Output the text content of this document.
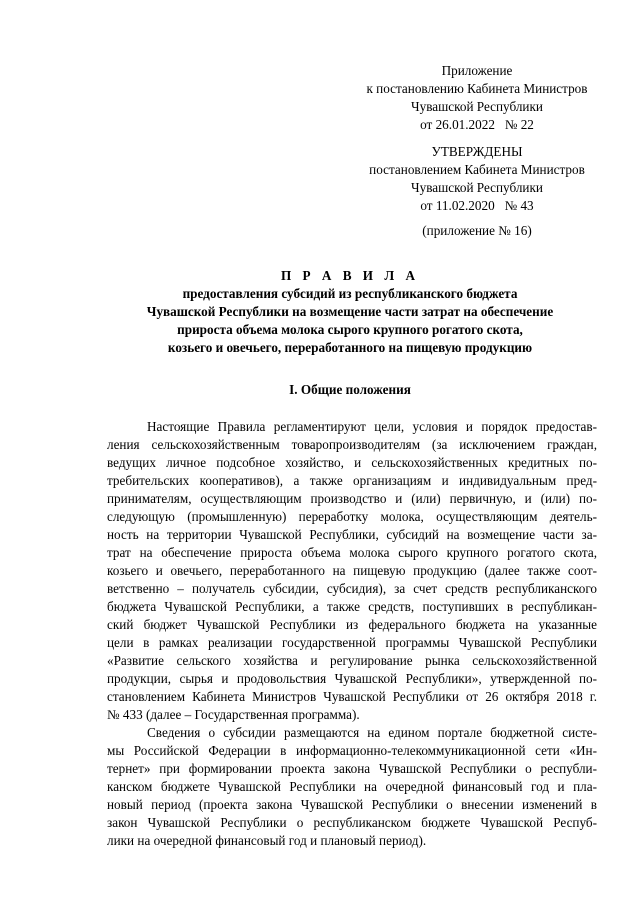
Приложение
к постановлению Кабинета Министров
Чувашской Республики
от 26.01.2022   № 22
УТВЕРЖДЕНЫ
постановлением Кабинета Министров
Чувашской Республики
от 11.02.2020   № 43
(приложение № 16)
П Р А В И Л А
предоставления субсидий из республиканского бюджета
Чувашской Республики на возмещение части затрат на обеспечение
прироста объема молока сырого крупного рогатого скота,
козьего и овечьего, переработанного на пищевую продукцию
I. Общие положения
Настоящие Правила регламентируют цели, условия и порядок предостав-
ления сельскохозяйственным товаропроизводителям (за исключением граждан,
ведущих личное подсобное хозяйство, и сельскохозяйственных кредитных по-
требительских кооперативов), а также организациям и индивидуальным пред-
принимателям, осуществляющим производство и (или) первичную, и (или) по-
следующую (промышленную) переработку молока, осуществляющим деятель-
ность на территории Чувашской Республики, субсидий на возмещение части за-
трат на обеспечение прироста объема молока сырого крупного рогатого скота,
козьего и овечьего, переработанного на пищевую продукцию (далее также соот-
ветственно – получатель субсидии, субсидия), за счет средств республиканского
бюджета Чувашской Республики, а также средств, поступивших в республикан-
ский бюджет Чувашской Республики из федерального бюджета на указанные
цели в рамках реализации государственной программы Чувашской Республики
«Развитие сельского хозяйства и регулирование рынка сельскохозяйственной
продукции, сырья и продовольствия Чувашской Республики», утвержденной по-
становлением Кабинета Министров Чувашской Республики от 26 октября 2018 г.
№ 433 (далее – Государственная программа).
Сведения о субсидии размещаются на едином портале бюджетной систе-
мы Российской Федерации в информационно-телекоммуникационной сети «Ин-
тернет» при формировании проекта закона Чувашской Республики о республи-
канском бюджете Чувашской Республики на очередной финансовый год и пла-
новый период (проекта закона Чувашской Республики о внесении изменений в
закон Чувашской Республики о республиканском бюджете Чувашской Респуб-
лики на очередной финансовый год и плановый период).
